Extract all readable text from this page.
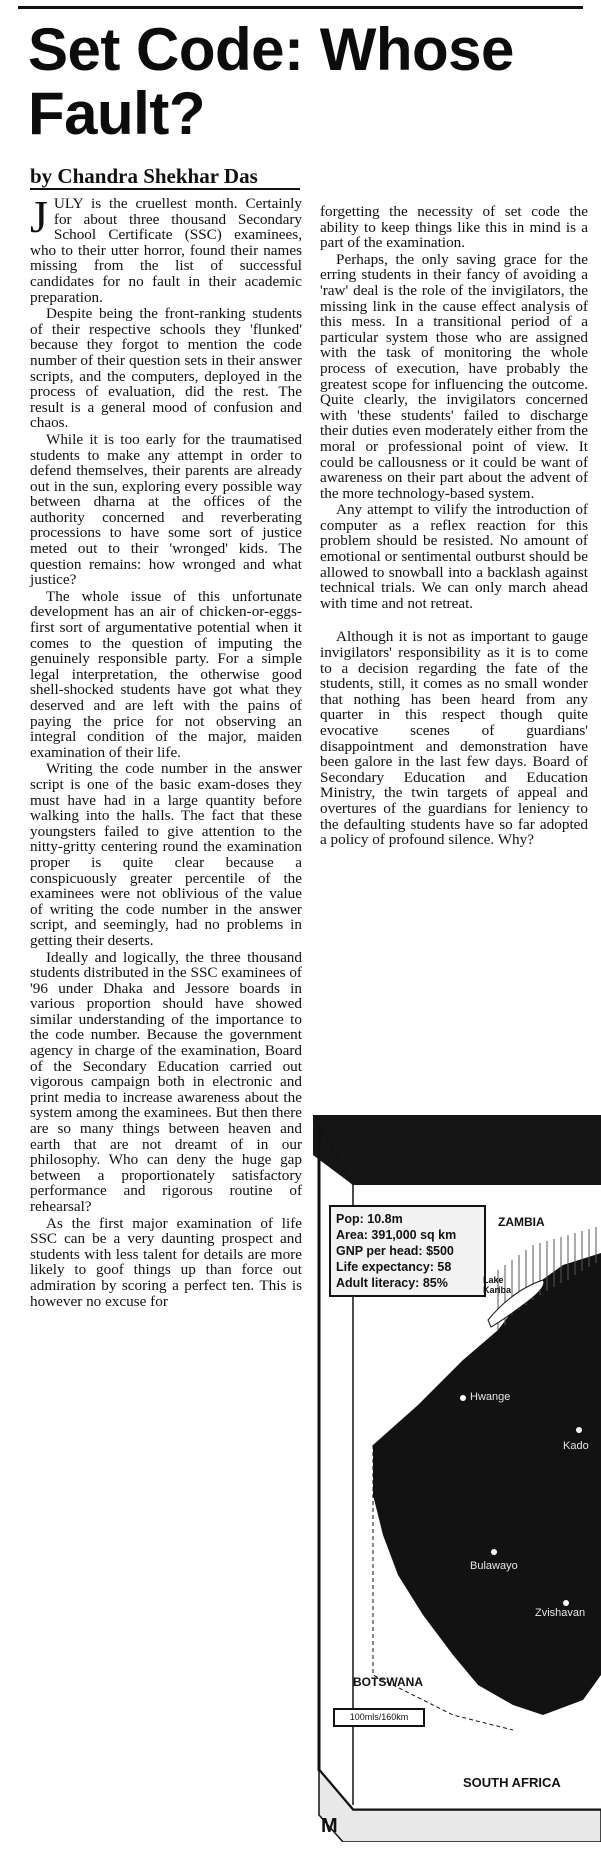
Set Code: Whose Fault?
by Chandra Shekhar Das

JULY is the cruellest month. Certainly for about three thousand Secondary School Certificate (SSC) examinees, who to their utter horror, found their names missing from the list of successful candidates for no fault in their academic preparation.

Despite being the front-ranking students of their respective schools they 'flunked' because they forgot to mention the code number of their question sets in their answer scripts, and the computers, deployed in the process of evaluation, did the rest. The result is a general mood of confusion and chaos.

While it is too early for the traumatised students to make any attempt in order to defend themselves, their parents are already out in the sun, exploring every possible way between dharna at the offices of the authority concerned and reverberating processions to have some sort of justice meted out to their 'wronged' kids. The question remains: how wronged and what justice?

The whole issue of this unfortunate development has an air of chicken-or-eggs-first sort of argumentative potential when it comes to the question of imputing the genuinely responsible party. For a simple legal interpretation, the otherwise good shell-shocked students have got what they deserved and are left with the pains of paying the price for not observing an integral condition of the major, maiden examination of their life.

Writing the code number in the answer script is one of the basic exam-doses they must have had in a large quantity before walking into the halls. The fact that these youngsters failed to give attention to the nitty-gritty centering round the examination proper is quite clear because a conspicuously greater percentile of the examinees were not oblivious of the value of writing the code number in the answer script, and seemingly, had no problems in getting their deserts.

Ideally and logically, the three thousand students distributed in the SSC examinees of '96 under Dhaka and Jessore boards in various proportion should have showed similar understanding of the importance to the code number. Because the government agency in charge of the examination, Board of the Secondary Education carried out vigorous campaign both in electronic and print media to increase awareness about the system among the examinees. But then there are so many things between heaven and earth that are not dreamt of in our philosophy. Who can deny the huge gap between a proportionately satisfactory performance and rigorous routine of rehearsal?

As the first major examination of life SSC can be a very daunting prospect and students with less talent for details are more likely to goof things up than force out admiration by scoring a perfect ten. This is however no excuse for

forgetting the necessity of set code the ability to keep things like this in mind is a part of the examination.

Perhaps, the only saving grace for the erring students in their fancy of avoiding a 'raw' deal is the role of the invigilators, the missing link in the cause effect analysis of this mess. In a transitional period of a particular system those who are assigned with the task of monitoring the whole process of execution, have probably the greatest scope for influencing the outcome. Quite clearly, the invigilators concerned with 'these students' failed to discharge their duties even moderately either from the moral or professional point of view. It could be callousness or it could be want of awareness on their part about the advent of the more technology-based system.

Any attempt to vilify the introduction of computer as a reflex reaction for this problem should be resisted. No amount of emotional or sentimental outburst should be allowed to snowball into a backlash against technical trials. We can only march ahead with time and not retreat.

Although it is not as important to gauge invigilators' responsibility as it is to come to a decision regarding the fate of the students, still, it comes as no small wonder that nothing has been heard from any quarter in this respect though quite evocative scenes of guardians' disappointment and demonstration have been galore in the last few days. Board of Secondary Education and Education Ministry, the twin targets of appeal and overtures of the guardians for leniency to the defaulting students have so far adopted a policy of profound silence. Why?

Pop: 10.8m
Area: 391,000 sq km
GNP per head: $500
Life expectancy: 58
Adult literacy: 85%
ZAMBIA
Lake Kariba
BOTSWANA
SOUTH AFRICA
Hwange
Kado
Bulawayo
Zvishavan
100mls/160km
M
